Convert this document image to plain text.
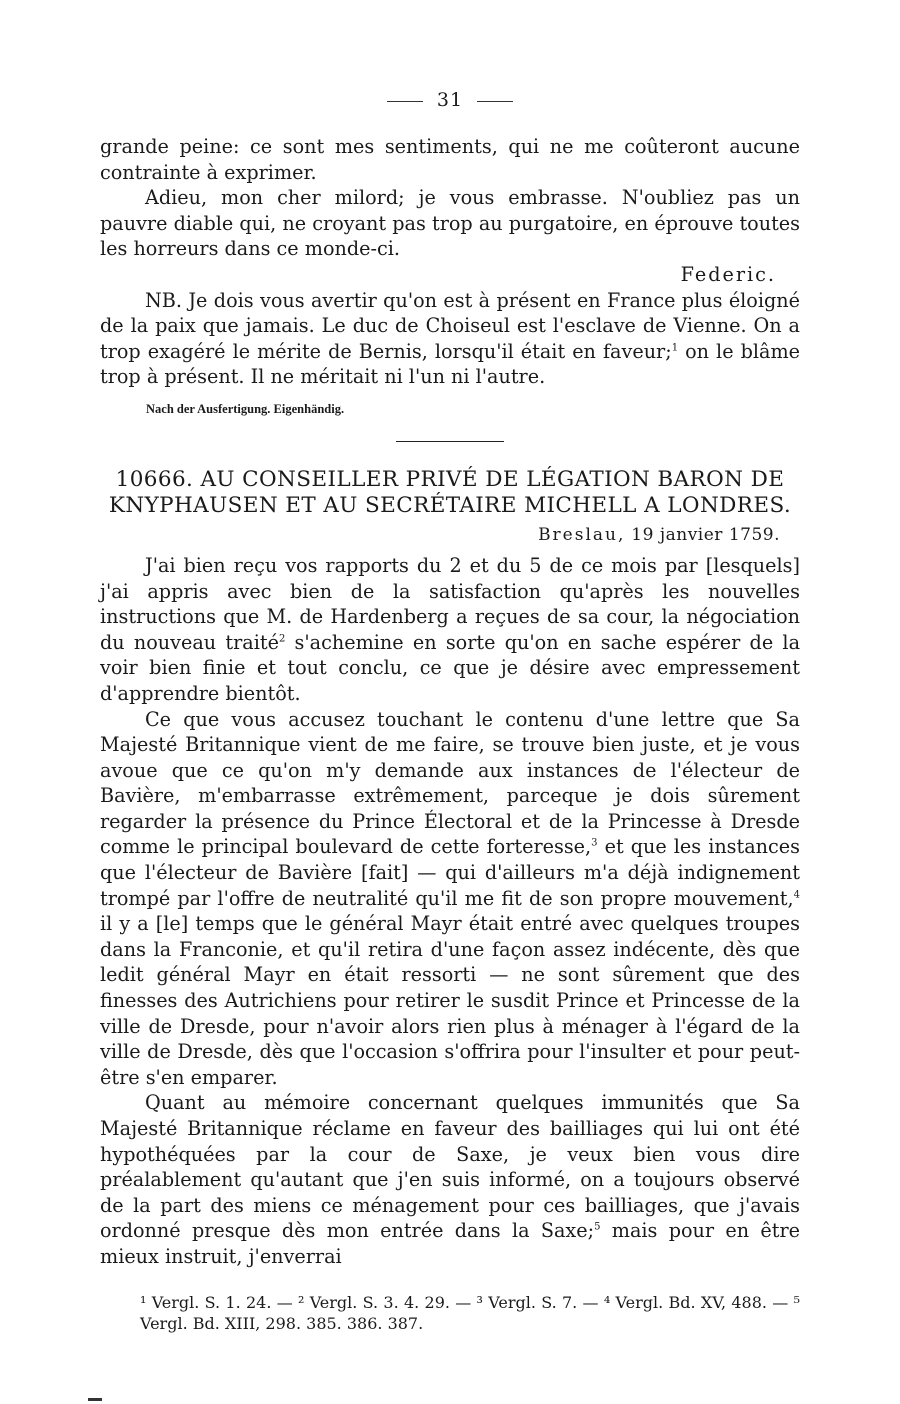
31

grande peine: ce sont mes sentiments, qui ne me coûteront aucune contrainte à exprimer.

Adieu, mon cher milord; je vous embrasse. N'oubliez pas un pauvre diable qui, ne croyant pas trop au purgatoire, en éprouve toutes les horreurs dans ce monde-ci.

Federic.

NB. Je dois vous avertir qu'on est à présent en France plus éloigné de la paix que jamais. Le duc de Choiseul est l'esclave de Vienne. On a trop exagéré le mérite de Bernis, lorsqu'il était en faveur;$^1$ on le blâme trop à présent. Il ne méritait ni l'un ni l'autre.

Nach der Ausfertigung. Eigenhändig.
10666. AU CONSEILLER PRIVÉ DE LÉGATION BARON DE KNYPHAUSEN ET AU SECRÉTAIRE MICHELL A LONDRES.
Breslau, 19 janvier 1759.

J'ai bien reçu vos rapports du 2 et du 5 de ce mois par [lesquels] j'ai appris avec bien de la satisfaction qu'après les nouvelles instructions que M. de Hardenberg a reçues de sa cour, la négociation du nouveau traité$^2$ s'achemine en sorte qu'on en sache espérer de la voir bien finie et tout conclu, ce que je désire avec empressement d'apprendre bientôt.

Ce que vous accusez touchant le contenu d'une lettre que Sa Majesté Britannique vient de me faire, se trouve bien juste, et je vous avoue que ce qu'on m'y demande aux instances de l'électeur de Bavière, m'embarrasse extrêmement, parceque je dois sûrement regarder la présence du Prince Électoral et de la Princesse à Dresde comme le principal boulevard de cette forteresse,$^3$ et que les instances que l'électeur de Bavière [fait] — qui d'ailleurs m'a déjà indignement trompé par l'offre de neutralité qu'il me fit de son propre mouvement,$^4$ il y a [le] temps que le général Mayr était entré avec quelques troupes dans la Franconie, et qu'il retira d'une façon assez indécente, dès que ledit général Mayr en était ressorti — ne sont sûrement que des finesses des Autrichiens pour retirer le susdit Prince et Princesse de la ville de Dresde, pour n'avoir alors rien plus à ménager à l'égard de la ville de Dresde, dès que l'occasion s'offrira pour l'insulter et pour peut-être s'en emparer.

Quant au mémoire concernant quelques immunités que Sa Majesté Britannique réclame en faveur des bailliages qui lui ont été hypothéquées par la cour de Saxe, je veux bien vous dire préalablement qu'autant que j'en suis informé, on a toujours observé de la part des miens ce ménagement pour ces bailliages, que j'avais ordonné presque dès mon entrée dans la Saxe;$^5$ mais pour en être mieux instruit, j'enverrai

¹ Vergl. S. 1. 24. — ² Vergl. S. 3. 4. 29. — ³ Vergl. S. 7. — ⁴ Vergl. Bd. XV, 488. — ⁵ Vergl. Bd. XIII, 298. 385. 386. 387.
